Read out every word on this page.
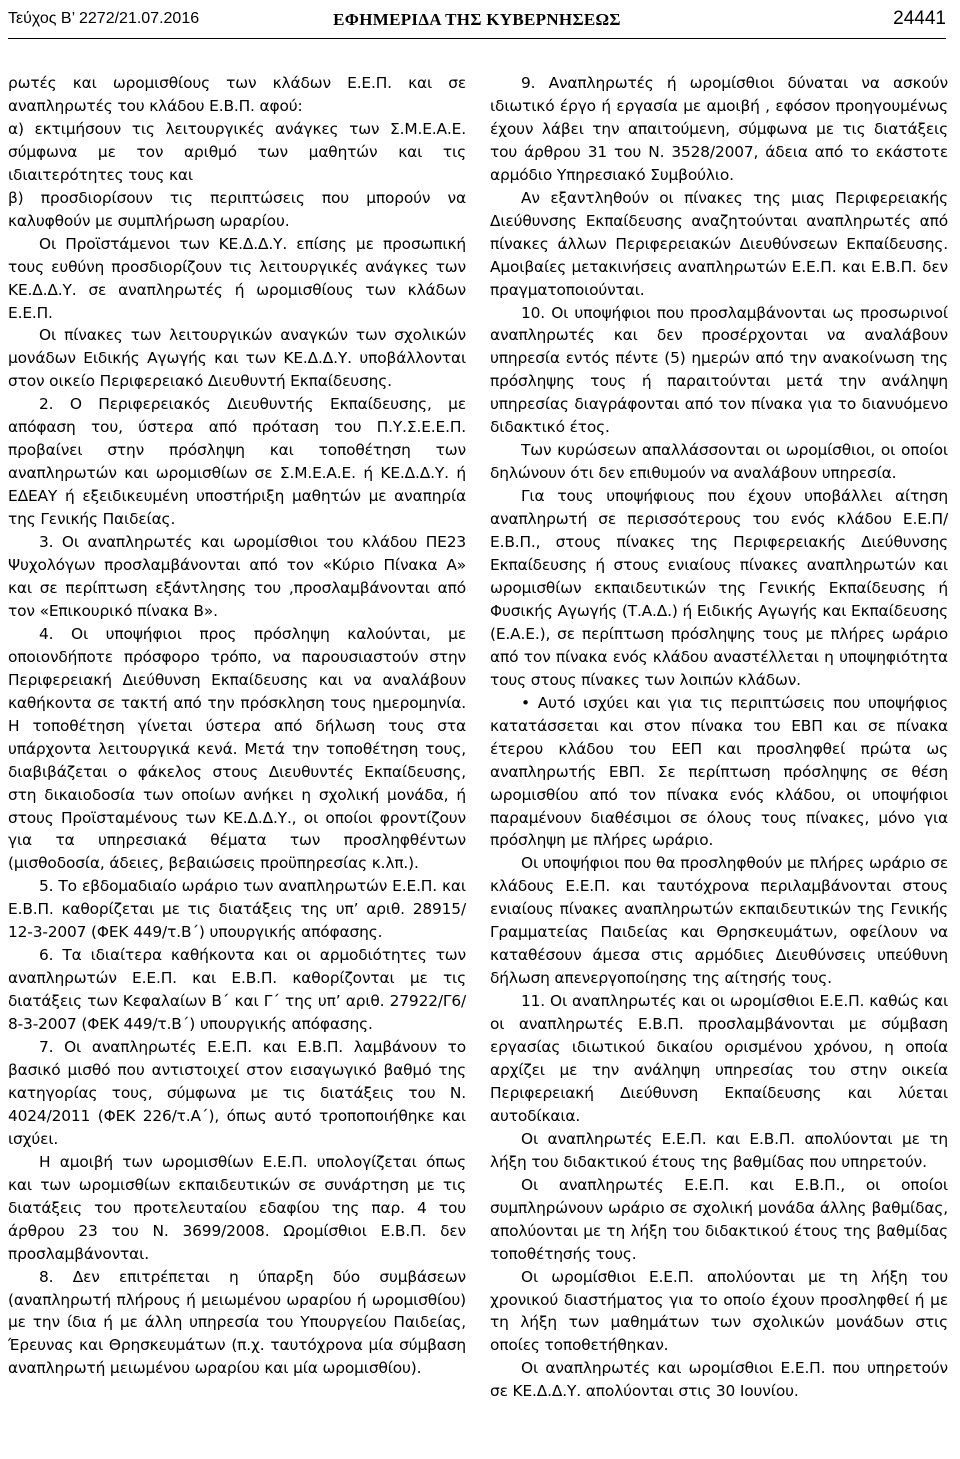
Τεύχος Β’ 2272/21.07.2016	ΕΦΗΜΕΡΙΔΑ ΤΗΣ ΚΥΒΕΡΝΗΣΕΩΣ	24441

ρωτές και ωρομισθίους των κλάδων Ε.Ε.Π. και σε αναπληρωτές του κλάδου Ε.Β.Π. αφού:

α) εκτιμήσουν τις λειτουργικές ανάγκες των Σ.Μ.Ε.Α.Ε. σύμφωνα με τον αριθμό των μαθητών και τις ιδιαιτερότητες τους και

β) προσδιορίσουν τις περιπτώσεις που μπορούν να καλυφθούν με συμπλήρωση ωραρίου.

Οι Προϊστάμενοι των ΚΕ.Δ.Δ.Υ. επίσης με προσωπική τους ευθύνη προσδιορίζουν τις λειτουργικές ανάγκες των ΚΕ.Δ.Δ.Υ. σε αναπληρωτές ή ωρομισθίους των κλάδων Ε.Ε.Π.

Οι πίνακες των λειτουργικών αναγκών των σχολικών μονάδων Ειδικής Αγωγής και των ΚΕ.Δ.Δ.Υ. υποβάλλονται στον οικείο Περιφερειακό Διευθυντή Εκπαίδευσης.

2. Ο Περιφερειακός Διευθυντής Εκπαίδευσης, με απόφαση του, ύστερα από πρόταση του Π.Υ.Σ.Ε.Ε.Π. προβαίνει στην πρόσληψη και τοποθέτηση των αναπληρωτών και ωρομισθίων σε Σ.Μ.Ε.Α.Ε. ή ΚΕ.Δ.Δ.Υ. ή ΕΔΕΑΥ ή εξειδικευμένη υποστήριξη μαθητών με αναπηρία της Γενικής Παιδείας.

3. Οι αναπληρωτές και ωρομίσθιοι του κλάδου ΠΕ23 Ψυχολόγων προσλαμβάνονται από τον «Κύριο Πίνακα Α» και σε περίπτωση εξάντλησης του ,προσλαμβάνονται από τον «Επικουρικό πίνακα Β».

4. Οι υποψήφιοι προς πρόσληψη καλούνται, με οποιονδήποτε πρόσφορο τρόπο, να παρουσιαστούν στην Περιφερειακή Διεύθυνση Εκπαίδευσης και να αναλάβουν καθήκοντα σε τακτή από την πρόσκληση τους ημερομηνία. Η τοποθέτηση γίνεται ύστερα από δήλωση τους στα υπάρχοντα λειτουργικά κενά. Μετά την τοποθέτηση τους, διαβιβάζεται ο φάκελος στους Διευθυντές Εκπαίδευσης, στη δικαιοδοσία των οποίων ανήκει η σχολική μονάδα, ή στους Προϊσταμένους των ΚΕ.Δ.Δ.Υ., οι οποίοι φροντίζουν για τα υπηρεσιακά θέματα των προσληφθέντων (μισθοδοσία, άδειες, βεβαιώσεις προϋπηρεσίας κ.λπ.).

5. Το εβδομαδιαίο ωράριο των αναπληρωτών Ε.Ε.Π. και Ε.Β.Π. καθορίζεται με τις διατάξεις της υπ’ αριθ. 28915/ 12-3-2007 (ΦΕΚ 449/τ.Β΄) υπουργικής απόφασης.

6. Τα ιδιαίτερα καθήκοντα και οι αρμοδιότητες των αναπληρωτών Ε.Ε.Π. και Ε.Β.Π. καθορίζονται με τις διατάξεις των Κεφαλαίων Β΄ και Γ΄ της υπ’ αριθ. 27922/Γ6/ 8-3-2007 (ΦΕΚ 449/τ.Β΄) υπουργικής απόφασης.

7. Οι αναπληρωτές Ε.Ε.Π. και Ε.Β.Π. λαμβάνουν το βασικό μισθό που αντιστοιχεί στον εισαγωγικό βαθμό της κατηγορίας τους, σύμφωνα με τις διατάξεις του Ν. 4024/2011 (ΦΕΚ 226/τ.Α΄), όπως αυτό τροποποιήθηκε και ισχύει.

Η αμοιβή των ωρομισθίων Ε.Ε.Π. υπολογίζεται όπως και των ωρομισθίων εκπαιδευτικών σε συνάρτηση με τις διατάξεις του προτελευταίου εδαφίου της παρ. 4 του άρθρου 23 του Ν. 3699/2008. Ωρομίσθιοι Ε.Β.Π. δεν προσλαμβάνονται.

8. Δεν επιτρέπεται η ύπαρξη δύο συμβάσεων (αναπληρωτή πλήρους ή μειωμένου ωραρίου ή ωρομισθίου) με την ίδια ή με άλλη υπηρεσία του Υπουργείου Παιδείας, Έρευνας και Θρησκευμάτων (π.χ. ταυτόχρονα μία σύμβαση αναπληρωτή μειωμένου ωραρίου και μία ωρομισθίου).

9. Αναπληρωτές ή ωρομίσθιοι δύναται να ασκούν ιδιωτικό έργο ή εργασία με αμοιβή , εφόσον προηγουμένως έχουν λάβει την απαιτούμενη, σύμφωνα με τις διατάξεις του άρθρου 31 του Ν. 3528/2007, άδεια από το εκάστοτε αρμόδιο Υπηρεσιακό Συμβούλιο.

Αν εξαντληθούν οι πίνακες της μιας Περιφερειακής Διεύθυνσης Εκπαίδευσης αναζητούνται αναπληρωτές από πίνακες άλλων Περιφερειακών Διευθύνσεων Εκπαίδευσης. Αμοιβαίες μετακινήσεις αναπληρωτών Ε.Ε.Π. και Ε.Β.Π. δεν πραγματοποιούνται.

10. Οι υποψήφιοι που προσλαμβάνονται ως προσωρινοί αναπληρωτές και δεν προσέρχονται να αναλάβουν υπηρεσία εντός πέντε (5) ημερών από την ανακοίνωση της πρόσληψης τους ή παραιτούνται μετά την ανάληψη υπηρεσίας διαγράφονται από τον πίνακα για το διανυόμενο διδακτικό έτος.

Των κυρώσεων απαλλάσσονται οι ωρομίσθιοι, οι οποίοι δηλώνουν ότι δεν επιθυμούν να αναλάβουν υπηρεσία.

Για τους υποψήφιους που έχουν υποβάλλει αίτηση αναπληρωτή σε περισσότερους του ενός κλάδου Ε.Ε.Π/ Ε.Β.Π., στους πίνακες της Περιφερειακής Διεύθυνσης Εκπαίδευσης ή στους ενιαίους πίνακες αναπληρωτών και ωρομισθίων εκπαιδευτικών της Γενικής Εκπαίδευσης ή Φυσικής Αγωγής (Τ.Α.Δ.) ή Ειδικής Αγωγής και Εκπαίδευσης (Ε.Α.Ε.), σε περίπτωση πρόσληψης τους με πλήρες ωράριο από τον πίνακα ενός κλάδου αναστέλλεται η υποψηφιότητα τους στους πίνακες των λοιπών κλάδων.

• Αυτό ισχύει και για τις περιπτώσεις που υποψήφιος κατατάσσεται και στον πίνακα του ΕΒΠ και σε πίνακα έτερου κλάδου του ΕΕΠ και προσληφθεί πρώτα ως αναπληρωτής ΕΒΠ. Σε περίπτωση πρόσληψης σε θέση ωρομισθίου από τον πίνακα ενός κλάδου, οι υποψήφιοι παραμένουν διαθέσιμοι σε όλους τους πίνακες, μόνο για πρόσληψη με πλήρες ωράριο.

Οι υποψήφιοι που θα προσληφθούν με πλήρες ωράριο σε κλάδους Ε.Ε.Π. και ταυτόχρονα περιλαμβάνονται στους ενιαίους πίνακες αναπληρωτών εκπαιδευτικών της Γενικής Γραμματείας Παιδείας και Θρησκευμάτων, οφείλουν να καταθέσουν άμεσα στις αρμόδιες Διευθύνσεις υπεύθυνη δήλωση απενεργοποίησης της αίτησής τους.

11. Οι αναπληρωτές και οι ωρομίσθιοι Ε.Ε.Π. καθώς και οι αναπληρωτές Ε.Β.Π. προσλαμβάνονται με σύμβαση εργασίας ιδιωτικού δικαίου ορισμένου χρόνου, η οποία αρχίζει με την ανάληψη υπηρεσίας του στην οικεία Περιφερειακή Διεύθυνση Εκπαίδευσης και λύεται αυτοδίκαια.

Οι αναπληρωτές Ε.Ε.Π. και Ε.Β.Π. απολύονται με τη λήξη του διδακτικού έτους της βαθμίδας που υπηρετούν.

Οι αναπληρωτές Ε.Ε.Π. και Ε.Β.Π., οι οποίοι συμπληρώνουν ωράριο σε σχολική μονάδα άλλης βαθμίδας, απολύονται με τη λήξη του διδακτικού έτους της βαθμίδας τοποθέτησής τους.

Οι ωρομίσθιοι Ε.Ε.Π. απολύονται με τη λήξη του χρονικού διαστήματος για το οποίο έχουν προσληφθεί ή με τη λήξη των μαθημάτων των σχολικών μονάδων στις οποίες τοποθετήθηκαν.

Οι αναπληρωτές και ωρομίσθιοι Ε.Ε.Π. που υπηρετούν σε ΚΕ.Δ.Δ.Υ. απολύονται στις 30 Ιουνίου.
